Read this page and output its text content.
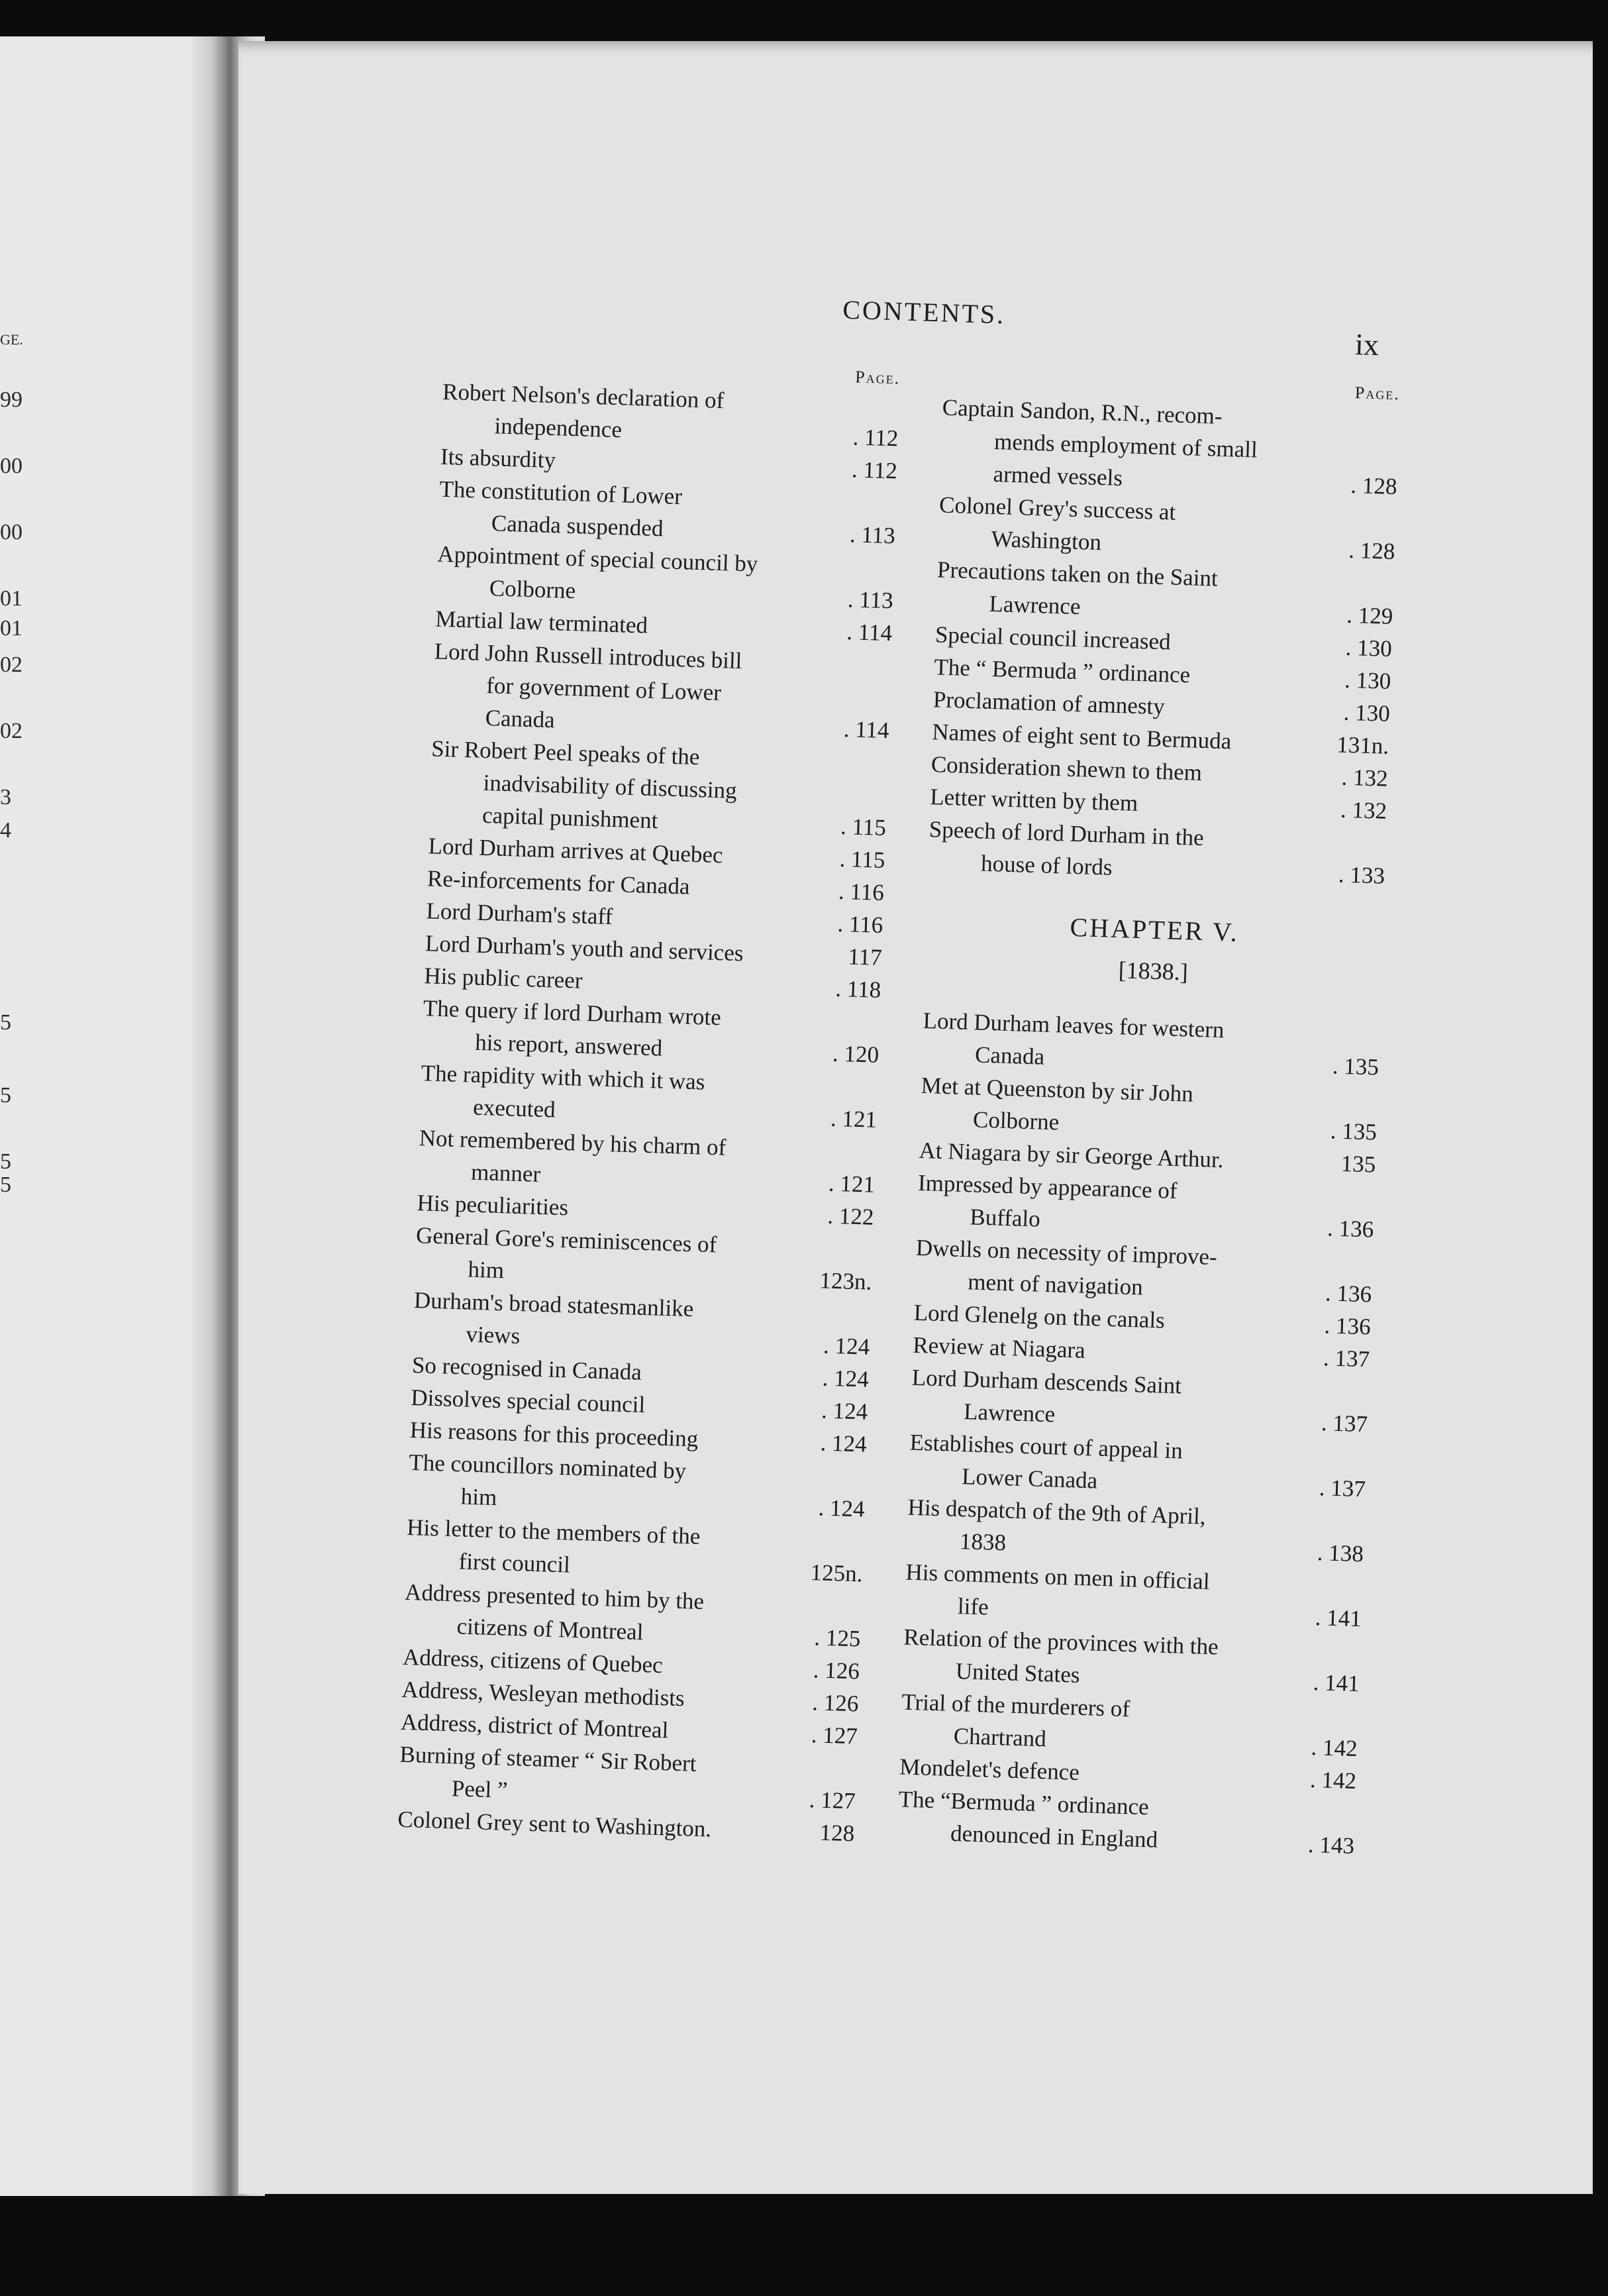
GE.
99
00
00
01
01
02
02
3
4
5
5
5
5
CONTENTS.
ix
Page.
Robert Nelson's declaration of
independence	. 112
Its absurdity	. 112
The constitution of Lower
Canada suspended	. 113
Appointment of special council by
Colborne	. 113
Martial law terminated	. 114
Lord John Russell introduces bill
for government of Lower
Canada	. 114
Sir Robert Peel speaks of the
inadvisability of discussing
capital punishment	. 115
Lord Durham arrives at Quebec	. 115
Re-inforcements for Canada	. 116
Lord Durham's staff	. 116
Lord Durham's youth and services	117
His public career	. 118
The query if lord Durham wrote
his report, answered	. 120
The rapidity with which it was
executed	. 121
Not remembered by his charm of
manner	. 121
His peculiarities	. 122
General Gore's reminiscences of
him	123n.
Durham's broad statesmanlike
views	. 124
So recognised in Canada	. 124
Dissolves special council	. 124
His reasons for this proceeding	. 124
The councillors nominated by
him	. 124
His letter to the members of the
first council	125n.
Address presented to him by the
citizens of Montreal	. 125
Address, citizens of Quebec	. 126
Address, Wesleyan methodists	. 126
Address, district of Montreal	. 127
Burning of steamer “ Sir Robert
Peel ”	. 127
Colonel Grey sent to Washington.	128
Page.
Captain Sandon, R.N., recom-
mends employment of small
armed vessels	. 128
Colonel Grey's success at
Washington	. 128
Precautions taken on the Saint
Lawrence	. 129
Special council increased	. 130
The “ Bermuda ” ordinance	. 130
Proclamation of amnesty	. 130
Names of eight sent to Bermuda	131n.
Consideration shewn to them	. 132
Letter written by them	. 132
Speech of lord Durham in the
house of lords	. 133
CHAPTER V.
[1838.]
Lord Durham leaves for western
Canada	. 135
Met at Queenston by sir John
Colborne	. 135
At Niagara by sir George Arthur.	135
Impressed by appearance of
Buffalo	. 136
Dwells on necessity of improve-
ment of navigation	. 136
Lord Glenelg on the canals	. 136
Review at Niagara	. 137
Lord Durham descends Saint
Lawrence	. 137
Establishes court of appeal in
Lower Canada	. 137
His despatch of the 9th of April,
1838	. 138
His comments on men in official
life	. 141
Relation of the provinces with the
United States	. 141
Trial of the murderers of
Chartrand	. 142
Mondelet's defence	. 142
The “Bermuda ” ordinance
denounced in England	. 143
